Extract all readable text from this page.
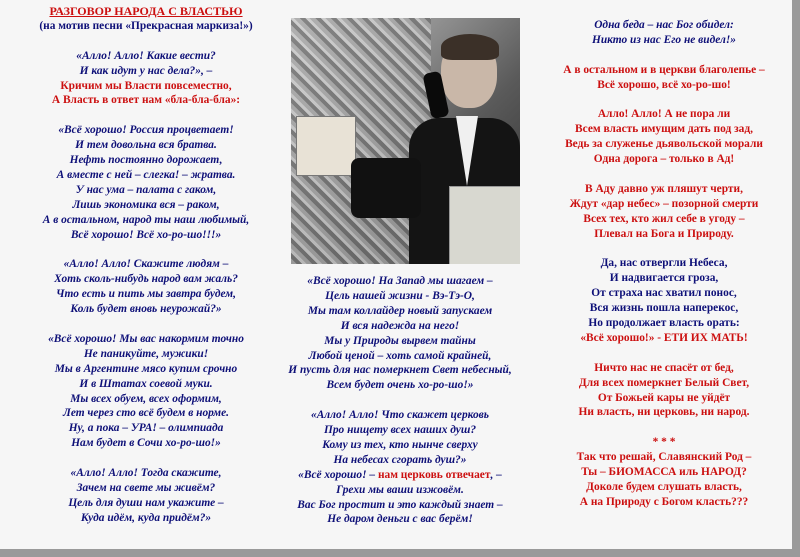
РАЗГОВОР НАРОДА С ВЛАСТЬЮ

(на мотив песни «Прекрасная маркиза!»)

«Алло! Алло! Какие вести?

И как идут у нас дела?», –

Кричим мы Власти повсеместно,

А Власть в ответ нам «бла-бла-бла»:

«Всё хорошо! Россия процветает!

И тем довольна вся братва.

Нефть постоянно дорожает,

А вместе с ней – слегка! – жратва.

У нас ума – палата с гаком,

Лишь экономика вся – раком,

А в остальном, народ ты наш любимый,

Всё хорошо! Всё хо-ро-шо!!!»

«Алло! Алло! Скажите людям –

Хоть сколь-нибудь народ вам жаль?

Что есть и пить мы завтра будем,

Коль будет вновь неурожай?»

«Всё хорошо! Мы вас накормим точно

Не паникуйте, мужики!

Мы в Аргентине мясо купим срочно

И в Штатах соевой муки.

Мы всех обуем, всех оформим,

Лет через сто всё будем в норме.

Ну, а пока – УРА! – олимпиада

Нам будет в Сочи хо-ро-шо!»

«Алло! Алло! Тогда скажите,

Зачем на свете мы живём?

Цель для души нам укажите –

Куда идём, куда придём?»

«Всё хорошо! На Запад мы шагаем –

Цель нашей жизни - Вэ-Тэ-О,

Мы там коллайдер новый запускаем

И вся надежда на него!

Мы у Природы вырвем тайны

Любой ценой – хоть самой крайней,

И пусть для нас померкнет Свет небесный,

Всем будет очень хо-ро-шо!»

«Алло! Алло! Что скажет церковь

Про нищету всех наших душ?

Кому из тех, кто нынче сверху

На небесах сгорать душ?»

«Всё хорошо! – нам церковь отвечает, –

Грехи мы ваши изжовём.

Вас Бог простит и это каждый знает –

Не даром деньги с вас берём!

Одна беда – нас Бог обидел:

Никто из нас Его не видел!»

А в остальном и в церкви благолепье –

Всё хорошо, всё хо-ро-шо!

Алло! Алло! А не пора ли

Всем власть имущим дать под зад,

Ведь за служенье дьявольской морали

Одна дорога – только в Ад!

В Аду давно уж пляшут черти,

Ждут «дар небес» – позорной смерти

Всех тех, кто жил себе в угоду –

Плевал на Бога и Природу.

Да, нас отвергли Небеса,

И надвигается гроза,

От страха нас хватил понос,

Вся жизнь пошла наперекос,

Но продолжает власть орать:

«Всё хорошо!» - ЕТИ ИХ МАТЬ!

Ничто нас не спасёт от бед,

Для всех померкнет Белый Свет,

От Божьей кары не уйдёт

Ни власть, ни церковь, ни народ.

* * *

Так что решай, Славянский Род –

Ты – БИОМАССА иль НАРОД?

Доколе будем слушать власть,

А на Природу с Богом класть???
